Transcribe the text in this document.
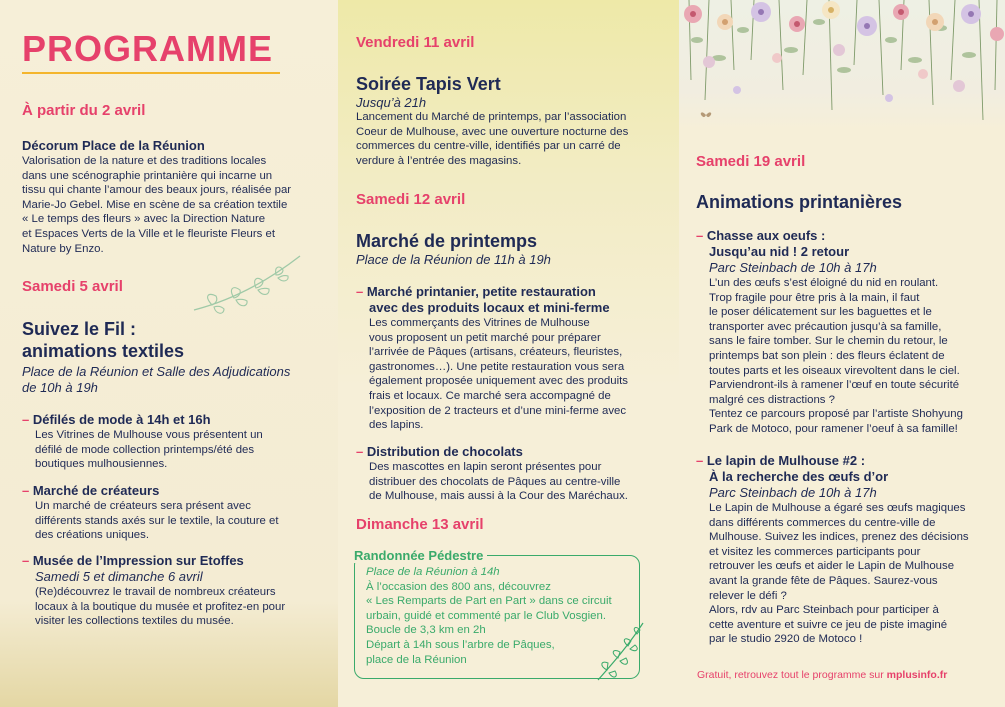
PROGRAMME
À partir du 2 avril
Décorum Place de la Réunion
Valorisation de la nature et des traditions locales
dans une scénographie printanière qui incarne un
tissu qui chante l’amour des beaux jours, réalisée par
Marie-Jo Gebel. Mise en scène de sa création textile
« Le temps des fleurs » avec la Direction Nature
et Espaces Verts de la Ville et le fleuriste Fleurs et
Nature by Enzo.
Samedi 5 avril
Suivez le Fil :
animations textiles
Place de la Réunion et Salle des Adjudications
de 10h à 19h
– Défilés de mode à 14h et 16h
Les Vitrines de Mulhouse vous présentent un
défilé de mode collection printemps/été des
boutiques mulhousiennes.
– Marché de créateurs
Un marché de créateurs sera présent avec
différents stands axés sur le textile, la couture et
des créations uniques.
– Musée de l’Impression sur Etoffes
Samedi 5 et dimanche 6 avril
(Re)découvrez le travail de nombreux créateurs
locaux à la boutique du musée et profitez-en pour
visiter les collections textiles du musée.
Vendredi 11 avril
Soirée Tapis Vert
Jusqu’à 21h
Lancement du Marché de printemps, par l’association
Coeur de Mulhouse, avec une ouverture nocturne des
commerces du centre-ville, identifiés par un carré de
verdure à l’entrée des magasins.
Samedi 12 avril
Marché de printemps
Place de la Réunion de 11h à 19h
– Marché printanier, petite restauration
avec des produits locaux et mini-ferme
Les commerçants des Vitrines de Mulhouse
vous proposent un petit marché pour préparer
l’arrivée de Pâques (artisans, créateurs, fleuristes,
gastronomes…). Une petite restauration vous sera
également proposée uniquement avec des produits
frais et locaux. Ce marché sera accompagné de
l’exposition de 2 tracteurs et d’une mini-ferme avec
des lapins.
– Distribution de chocolats
Des mascottes en lapin seront présentes pour
distribuer des chocolats de Pâques au centre-ville
de Mulhouse, mais aussi à la Cour des Maréchaux.
Dimanche 13 avril
Randonnée Pédestre
Place de la Réunion à 14h
À l’occasion des 800 ans, découvrez
« Les Remparts de Part en Part » dans ce circuit
urbain, guidé et commenté par le Club Vosgien.
Boucle de 3,3 km en 2h
Départ à 14h sous l’arbre de Pâques,
place de la Réunion
Samedi 19 avril
Animations printanières
– Chasse aux oeufs :
Jusqu’au nid ! 2 retour
Parc Steinbach de 10h à 17h
L’un des œufs s’est éloigné du nid en roulant.
Trop fragile pour être pris à la main, il faut
le poser délicatement sur les baguettes et le
transporter avec précaution jusqu’à sa famille,
sans le faire tomber. Sur le chemin du retour, le
printemps bat son plein : des fleurs éclatent de
toutes parts et les oiseaux virevoltent dans le ciel.
Parviendront-ils à ramener l’œuf en toute sécurité
malgré ces distractions ?
Tentez ce parcours proposé par l’artiste Shohyung
Park de Motoco, pour ramener l’oeuf à sa famille!
– Le lapin de Mulhouse #2 :
À la recherche des œufs d’or
Parc Steinbach de 10h à 17h
Le Lapin de Mulhouse a égaré ses œufs magiques
dans différents commerces du centre-ville de
Mulhouse. Suivez les indices, prenez des décisions
et visitez les commerces participants pour
retrouver les œufs et aider le Lapin de Mulhouse
avant la grande fête de Pâques. Saurez-vous
relever le défi ?
Alors, rdv au Parc Steinbach pour participer à
cette aventure et suivre ce jeu de piste imaginé
par le studio 2920 de Motoco !
Gratuit, retrouvez tout le programme sur mplusinfo.fr
